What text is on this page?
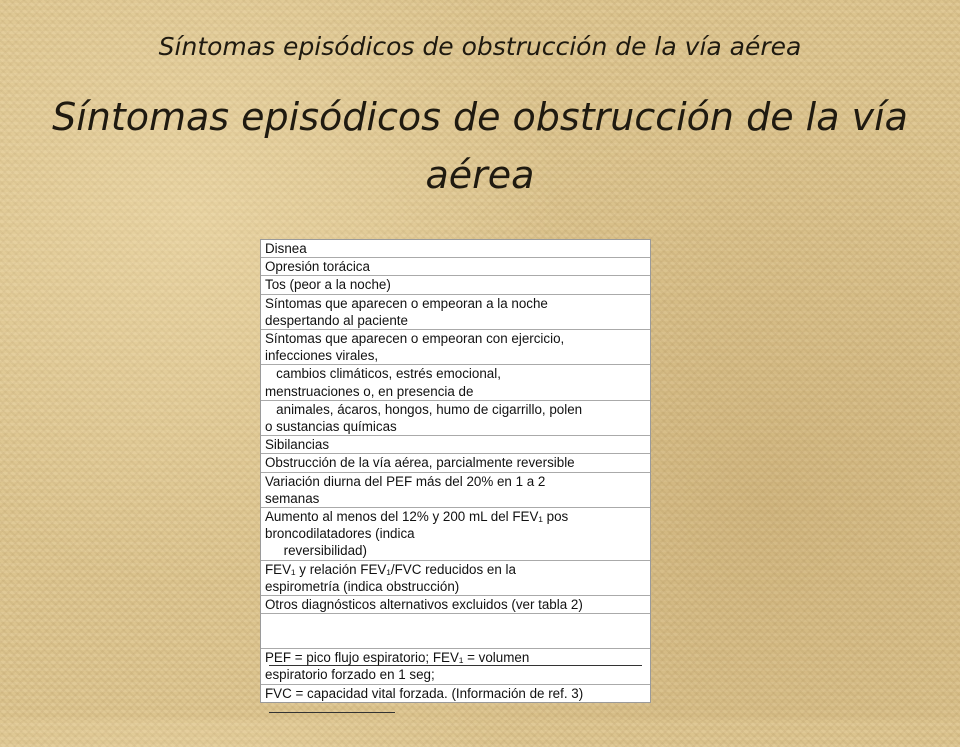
Síntomas episódicos de obstrucción de la vía aérea
Síntomas episódicos de obstrucción de la vía aérea
Disnea
Opresión torácica
Tos (peor a la noche)
Síntomas que aparecen o empeoran a la noche
despertando al paciente
Síntomas que aparecen o empeoran con ejercicio,
infecciones virales,
cambios climáticos, estrés emocional,
menstruaciones o, en presencia de
animales, ácaros, hongos, humo de cigarrillo, polen
o sustancias químicas
Sibilancias
Obstrucción de la vía aérea, parcialmente reversible
Variación diurna del PEF más del 20% en 1 a 2
semanas
Aumento al menos del 12% y 200 mL del FEV₁ pos
broncodilatadores (indica
reversibilidad)
FEV₁ y relación FEV₁/FVC reducidos en la
espirometría (indica obstrucción)
Otros diagnósticos alternativos excluidos (ver tabla 2)

PEF = pico flujo espiratorio; FEV₁ = volumen
espiratorio forzado en 1 seg;
FVC = capacidad vital forzada. (Información de ref. 3)
